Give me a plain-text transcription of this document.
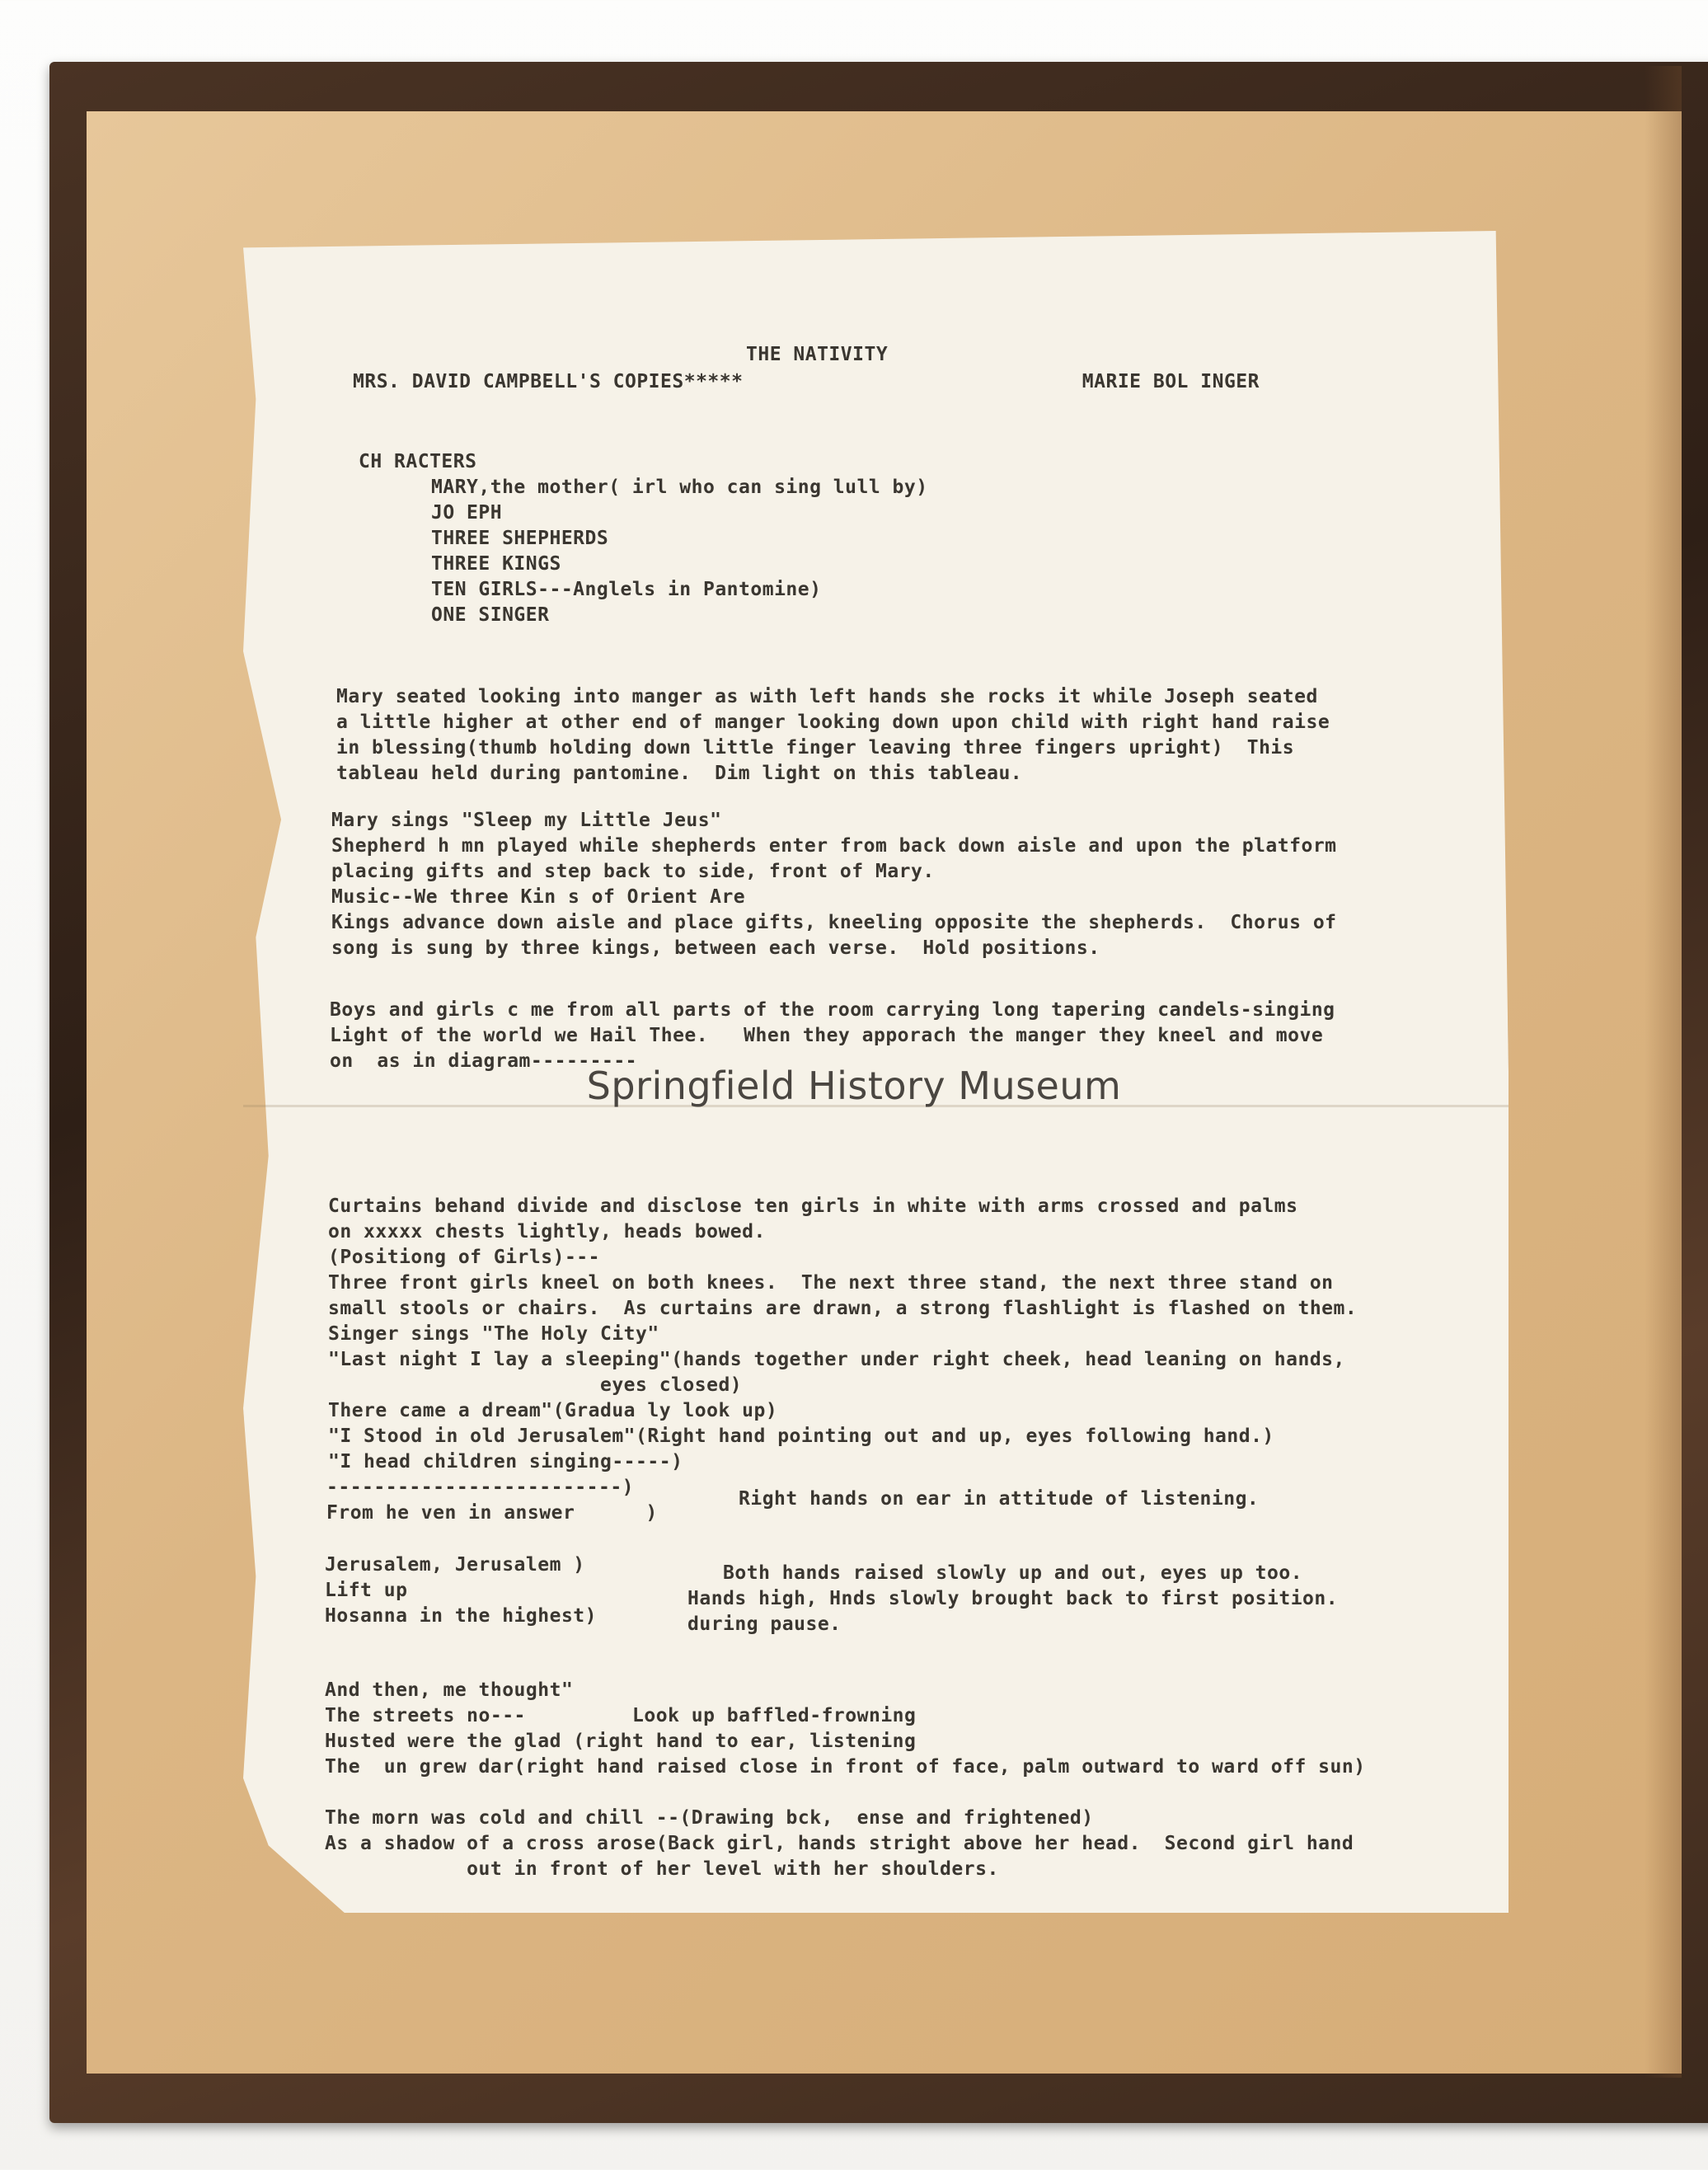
THE NATIVITY
MRS. DAVID CAMPBELL'S COPIES*****	MARIE BOL INGER
CH RACTERS
MARY,the mother( irl who can sing lull by)
JO EPH
THREE SHEPHERDS
THREE KINGS
TEN GIRLS---Anglels in Pantomine)
ONE SINGER
Mary seated looking into manger as with left hands she rocks it while Joseph seated
a little higher at other end of manger looking down upon child with right hand raise
in blessing(thumb holding down little finger leaving three fingers upright)  This
tableau held during pantomine.  Dim light on this tableau.
Mary sings "Sleep my Little Jeus"
Shepherd h mn played while shepherds enter from back down aisle and upon the platform
placing gifts and step back to side, front of Mary.
Music--We three Kin s of Orient Are
Kings advance down aisle and place gifts, kneeling opposite the shepherds.  Chorus of
song is sung by three kings, between each verse.  Hold positions.
Boys and girls c me from all parts of the room carrying long tapering candels-singing
Light of the world we Hail Thee.   When they apporach the manger they kneel and move
on  as in diagram---------
Curtains behand divide and disclose ten girls in white with arms crossed and palms
on xxxxx chests lightly, heads bowed.
(Positiong of Girls)---
Three front girls kneel on both knees.  The next three stand, the next three stand on
small stools or chairs.  As curtains are drawn, a strong flashlight is flashed on them.
Singer sings "The Holy City"
"Last night I lay a sleeping"(hands together under right cheek, head leaning on hands,
eyes closed)
There came a dream"(Gradua ly look up)
"I Stood in old Jerusalem"(Right hand pointing out and up, eyes following hand.)
"I head children singing-----)
-------------------------)
From he ven in answer      )
Right hands on ear in attitude of listening.
Jerusalem, Jerusalem )
Lift up
Hosanna in the highest)
Both hands raised slowly up and out, eyes up too.
Hands high, Hnds slowly brought back to first position.
during pause.
And then, me thought"
The streets no---         Look up baffled-frowning
Husted were the glad (right hand to ear, listening
The  un grew dar(right hand raised close in front of face, palm outward to ward off sun)
The morn was cold and chill --(Drawing bck,  ense and frightened)
As a shadow of a cross arose(Back girl, hands stright above her head.  Second girl hand
out in front of her level with her shoulders.
Springfield History Museum
